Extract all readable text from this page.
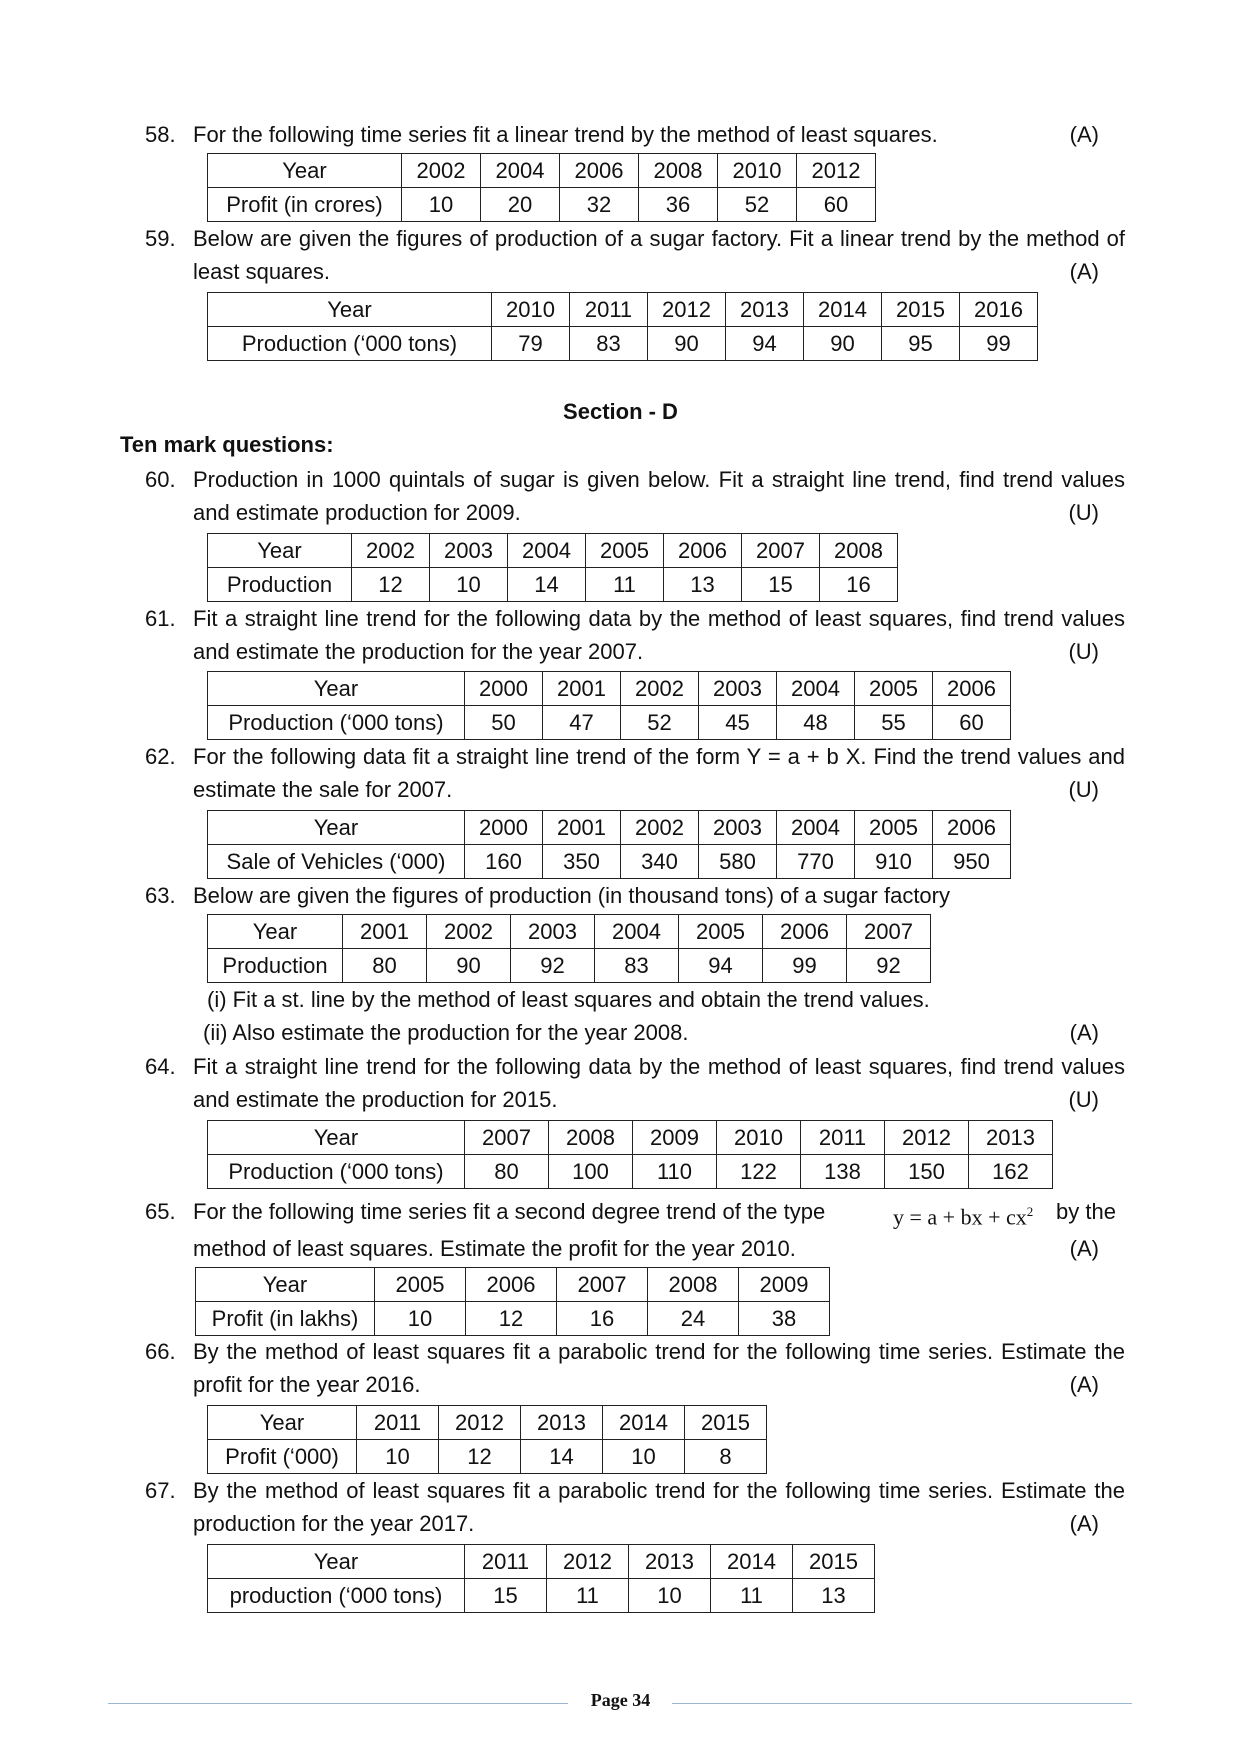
58. For the following time series fit a linear trend by the method of least squares.	(A)
Year	2002	2004	2006	2008	2010	2012
Profit (in crores)	10	20	32	36	52	60
59. Below are given the figures of production of a sugar factory. Fit a linear trend by the method of least squares.	(A)
Year	2010	2011	2012	2013	2014	2015	2016
Production (‘000 tons)	79	83	90	94	90	95	99
Section - D
Ten mark questions:
60. Production in 1000 quintals of sugar is given below. Fit a straight line trend, find trend values and estimate production for 2009.	(U)
Year	2002	2003	2004	2005	2006	2007	2008
Production	12	10	14	11	13	15	16
61. Fit a straight line trend for the following data by the method of least squares, find trend values and estimate the production for the year 2007.	(U)
Year	2000	2001	2002	2003	2004	2005	2006
Production (‘000 tons)	50	47	52	45	48	55	60
62. For the following data fit a straight line trend of the form Y = a + b X. Find the trend values and estimate the sale for 2007.	(U)
Year	2000	2001	2002	2003	2004	2005	2006
Sale of Vehicles (‘000)	160	350	340	580	770	910	950
63. Below are given the figures of production (in thousand tons) of a sugar factory
Year	2001	2002	2003	2004	2005	2006	2007
Production	80	90	92	83	94	99	92
(i) Fit a st. line by the method of least squares and obtain the trend values.
(ii) Also estimate the production for the year 2008.	(A)
64. Fit a straight line trend for the following data by the method of least squares, find trend values and estimate the production for 2015.	(U)
Year	2007	2008	2009	2010	2011	2012	2013
Production (‘000 tons)	80	100	110	122	138	150	162
65. For the following time series fit a second degree trend of the type	y = a + bx + $cx^2$ by the
method of least squares. Estimate the profit for the year 2010.	(A)
Year	2005	2006	2007	2008	2009
Profit (in lakhs)	10	12	16	24	38
66. By the method of least squares fit a parabolic trend for the following time series. Estimate the profit for the year 2016.	(A)
Year	2011	2012	2013	2014	2015
Profit (‘000)	10	12	14	10	8
67. By the method of least squares fit a parabolic trend for the following time series. Estimate the production for the year 2017.	(A)
Year	2011	2012	2013	2014	2015
production (‘000 tons)	15	11	10	11	13
Page 34
